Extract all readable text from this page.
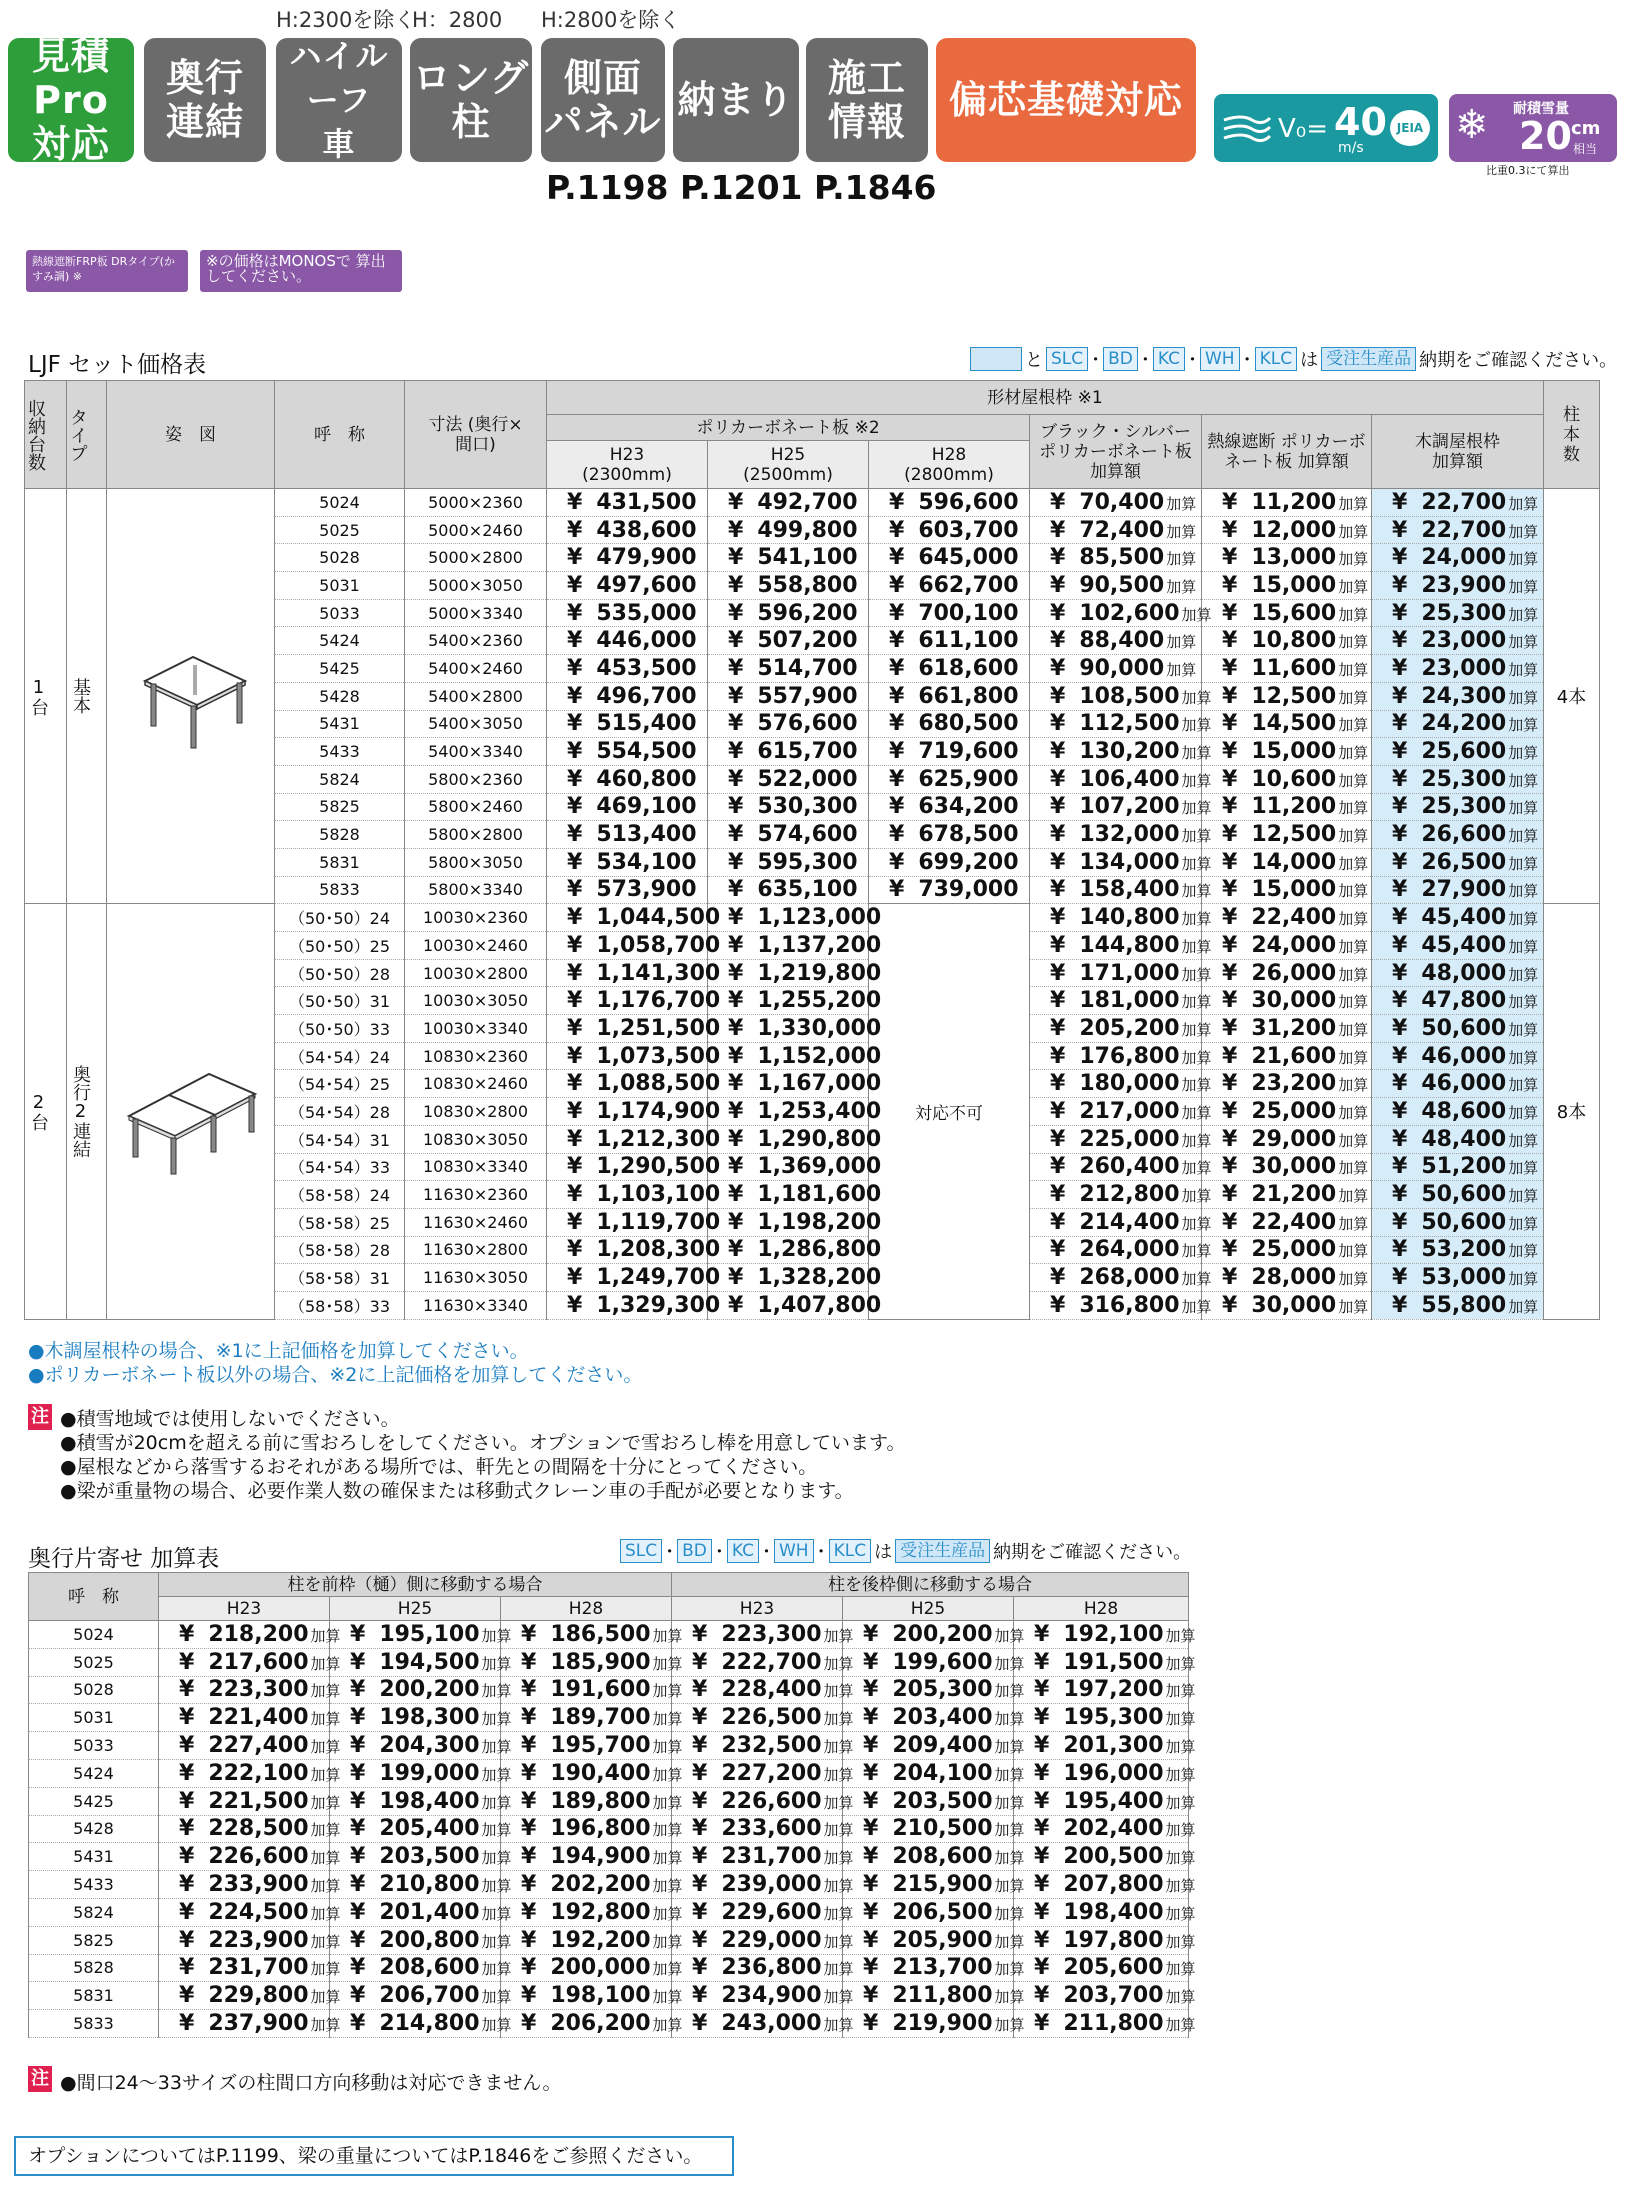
H:2300を除く
H：2800 H:2800を除く
見積Pro
対応
奥行
連結
ハイルーフ
車
ロング
柱
側面
パネル 納まり 施工
情報 偏芯基礎対応
P.1198 P.1201 P.1846
V₀= 40
m/s
JEIA ❄ 耐積雪量
20 cm
相当
比重0.3にて算出
熱線遮断FRP板 DRタイプ(かすみ調) ※
※の価格はMONOSで 算出してください。
LJF セット価格表	と SLC ･ BD ･ KC ･ WH ･ KLC は 受注生産品 納期をご確認ください。
収納台数	タイプ	姿　図	呼　称	寸法 (奥行×間口)	形材屋根枠 ※1						柱本数
					ポリカーボネート板 ※2			ブラック・シルバー ポリカーボネート板 加算額	熱線遮断 ポリカーボネート板 加算額	木調屋根枠 加算額	
					H23 (2300mm)	H25 (2500mm)	H28 (2800mm)				

1台	基本		5024	5000×2360	¥ 431,500	¥ 492,700	¥ 596,600	¥ 70,400 加算	¥ 11,200 加算	¥ 22,700 加算	4本
			5025	5000×2460	¥ 438,600	¥ 499,800	¥ 603,700	¥ 72,400 加算	¥ 12,000 加算	¥ 22,700 加算	
			5028	5000×2800	¥ 479,900	¥ 541,100	¥ 645,000	¥ 85,500 加算	¥ 13,000 加算	¥ 24,000 加算	
			5031	5000×3050	¥ 497,600	¥ 558,800	¥ 662,700	¥ 90,500 加算	¥ 15,000 加算	¥ 23,900 加算	
			5033	5000×3340	¥ 535,000	¥ 596,200	¥ 700,100	¥ 102,600 加算	¥ 15,600 加算	¥ 25,300 加算	
			5424	5400×2360	¥ 446,000	¥ 507,200	¥ 611,100	¥ 88,400 加算	¥ 10,800 加算	¥ 23,000 加算	
			5425	5400×2460	¥ 453,500	¥ 514,700	¥ 618,600	¥ 90,000 加算	¥ 11,600 加算	¥ 23,000 加算	
			5428	5400×2800	¥ 496,700	¥ 557,900	¥ 661,800	¥ 108,500 加算	¥ 12,500 加算	¥ 24,300 加算	
			5431	5400×3050	¥ 515,400	¥ 576,600	¥ 680,500	¥ 112,500 加算	¥ 14,500 加算	¥ 24,200 加算	
			5433	5400×3340	¥ 554,500	¥ 615,700	¥ 719,600	¥ 130,200 加算	¥ 15,000 加算	¥ 25,600 加算	
			5824	5800×2360	¥ 460,800	¥ 522,000	¥ 625,900	¥ 106,400 加算	¥ 10,600 加算	¥ 25,300 加算	
			5825	5800×2460	¥ 469,100	¥ 530,300	¥ 634,200	¥ 107,200 加算	¥ 11,200 加算	¥ 25,300 加算	
			5828	5800×2800	¥ 513,400	¥ 574,600	¥ 678,500	¥ 132,000 加算	¥ 12,500 加算	¥ 26,600 加算	
			5831	5800×3050	¥ 534,100	¥ 595,300	¥ 699,200	¥ 134,000 加算	¥ 14,000 加算	¥ 26,500 加算	
			5833	5800×3340	¥ 573,900	¥ 635,100	¥ 739,000	¥ 158,400 加算	¥ 15,000 加算	¥ 27,900 加算	

2台	奥行2連結		（50･50）24	10030×2360	¥ 1,044,500	¥ 1,123,000	対応不可	¥ 140,800 加算	¥ 22,400 加算	¥ 45,400 加算	8本
			（50･50）25	10030×2460	¥ 1,058,700	¥ 1,137,200		¥ 144,800 加算	¥ 24,000 加算	¥ 45,400 加算	
			（50･50）28	10030×2800	¥ 1,141,300	¥ 1,219,800		¥ 171,000 加算	¥ 26,000 加算	¥ 48,000 加算	
			（50･50）31	10030×3050	¥ 1,176,700	¥ 1,255,200		¥ 181,000 加算	¥ 30,000 加算	¥ 47,800 加算	
			（50･50）33	10030×3340	¥ 1,251,500	¥ 1,330,000		¥ 205,200 加算	¥ 31,200 加算	¥ 50,600 加算	
			（54･54）24	10830×2360	¥ 1,073,500	¥ 1,152,000		¥ 176,800 加算	¥ 21,600 加算	¥ 46,000 加算	
			（54･54）25	10830×2460	¥ 1,088,500	¥ 1,167,000		¥ 180,000 加算	¥ 23,200 加算	¥ 46,000 加算	
			（54･54）28	10830×2800	¥ 1,174,900	¥ 1,253,400		¥ 217,000 加算	¥ 25,000 加算	¥ 48,600 加算	
			（54･54）31	10830×3050	¥ 1,212,300	¥ 1,290,800		¥ 225,000 加算	¥ 29,000 加算	¥ 48,400 加算	
			（54･54）33	10830×3340	¥ 1,290,500	¥ 1,369,000		¥ 260,400 加算	¥ 30,000 加算	¥ 51,200 加算	
			（58･58）24	11630×2360	¥ 1,103,100	¥ 1,181,600		¥ 212,800 加算	¥ 21,200 加算	¥ 50,600 加算	
			（58･58）25	11630×2460	¥ 1,119,700	¥ 1,198,200		¥ 214,400 加算	¥ 22,400 加算	¥ 50,600 加算	
			（58･58）28	11630×2800	¥ 1,208,300	¥ 1,286,800		¥ 264,000 加算	¥ 25,000 加算	¥ 53,200 加算	
			（58･58）31	11630×3050	¥ 1,249,700	¥ 1,328,200		¥ 268,000 加算	¥ 28,000 加算	¥ 53,000 加算	
			（58･58）33	11630×3340	¥ 1,329,300	¥ 1,407,800		¥ 316,800 加算	¥ 30,000 加算	¥ 55,800 加算	
●木調屋根枠の場合、※1に上記価格を加算してください。
●ポリカーボネート板以外の場合、※2に上記価格を加算してください。
注 ●積雪地域では使用しないでください。
●積雪が20cmを超える前に雪おろしをしてください。オプションで雪おろし棒を用意しています。
●屋根などから落雪するおそれがある場所では、軒先との間隔を十分にとってください。
●梁が重量物の場合、必要作業人数の確保または移動式クレーン車の手配が必要となります。
奥行片寄せ 加算表	SLC ･ BD ･ KC ･ WH ･ KLC は 受注生産品 納期をご確認ください。
呼　称	柱を前枠（樋）側に移動する場合			柱を後枠側に移動する場合		
	H23	H25	H28	H23	H25	H28
5024	¥ 218,200 加算	¥ 195,100 加算	¥ 186,500 加算	¥ 223,300 加算	¥ 200,200 加算	¥ 192,100 加算
5025	¥ 217,600 加算	¥ 194,500 加算	¥ 185,900 加算	¥ 222,700 加算	¥ 199,600 加算	¥ 191,500 加算
5028	¥ 223,300 加算	¥ 200,200 加算	¥ 191,600 加算	¥ 228,400 加算	¥ 205,300 加算	¥ 197,200 加算
5031	¥ 221,400 加算	¥ 198,300 加算	¥ 189,700 加算	¥ 226,500 加算	¥ 203,400 加算	¥ 195,300 加算
5033	¥ 227,400 加算	¥ 204,300 加算	¥ 195,700 加算	¥ 232,500 加算	¥ 209,400 加算	¥ 201,300 加算
5424	¥ 222,100 加算	¥ 199,000 加算	¥ 190,400 加算	¥ 227,200 加算	¥ 204,100 加算	¥ 196,000 加算
5425	¥ 221,500 加算	¥ 198,400 加算	¥ 189,800 加算	¥ 226,600 加算	¥ 203,500 加算	¥ 195,400 加算
5428	¥ 228,500 加算	¥ 205,400 加算	¥ 196,800 加算	¥ 233,600 加算	¥ 210,500 加算	¥ 202,400 加算
5431	¥ 226,600 加算	¥ 203,500 加算	¥ 194,900 加算	¥ 231,700 加算	¥ 208,600 加算	¥ 200,500 加算
5433	¥ 233,900 加算	¥ 210,800 加算	¥ 202,200 加算	¥ 239,000 加算	¥ 215,900 加算	¥ 207,800 加算
5824	¥ 224,500 加算	¥ 201,400 加算	¥ 192,800 加算	¥ 229,600 加算	¥ 206,500 加算	¥ 198,400 加算
5825	¥ 223,900 加算	¥ 200,800 加算	¥ 192,200 加算	¥ 229,000 加算	¥ 205,900 加算	¥ 197,800 加算
5828	¥ 231,700 加算	¥ 208,600 加算	¥ 200,000 加算	¥ 236,800 加算	¥ 213,700 加算	¥ 205,600 加算
5831	¥ 229,800 加算	¥ 206,700 加算	¥ 198,100 加算	¥ 234,900 加算	¥ 211,800 加算	¥ 203,700 加算
5833	¥ 237,900 加算	¥ 214,800 加算	¥ 206,200 加算	¥ 243,000 加算	¥ 219,900 加算	¥ 211,800 加算
注 ●間口24～33サイズの柱間口方向移動は対応できません。
オプションについてはP.1199、梁の重量についてはP.1846をご参照ください。
